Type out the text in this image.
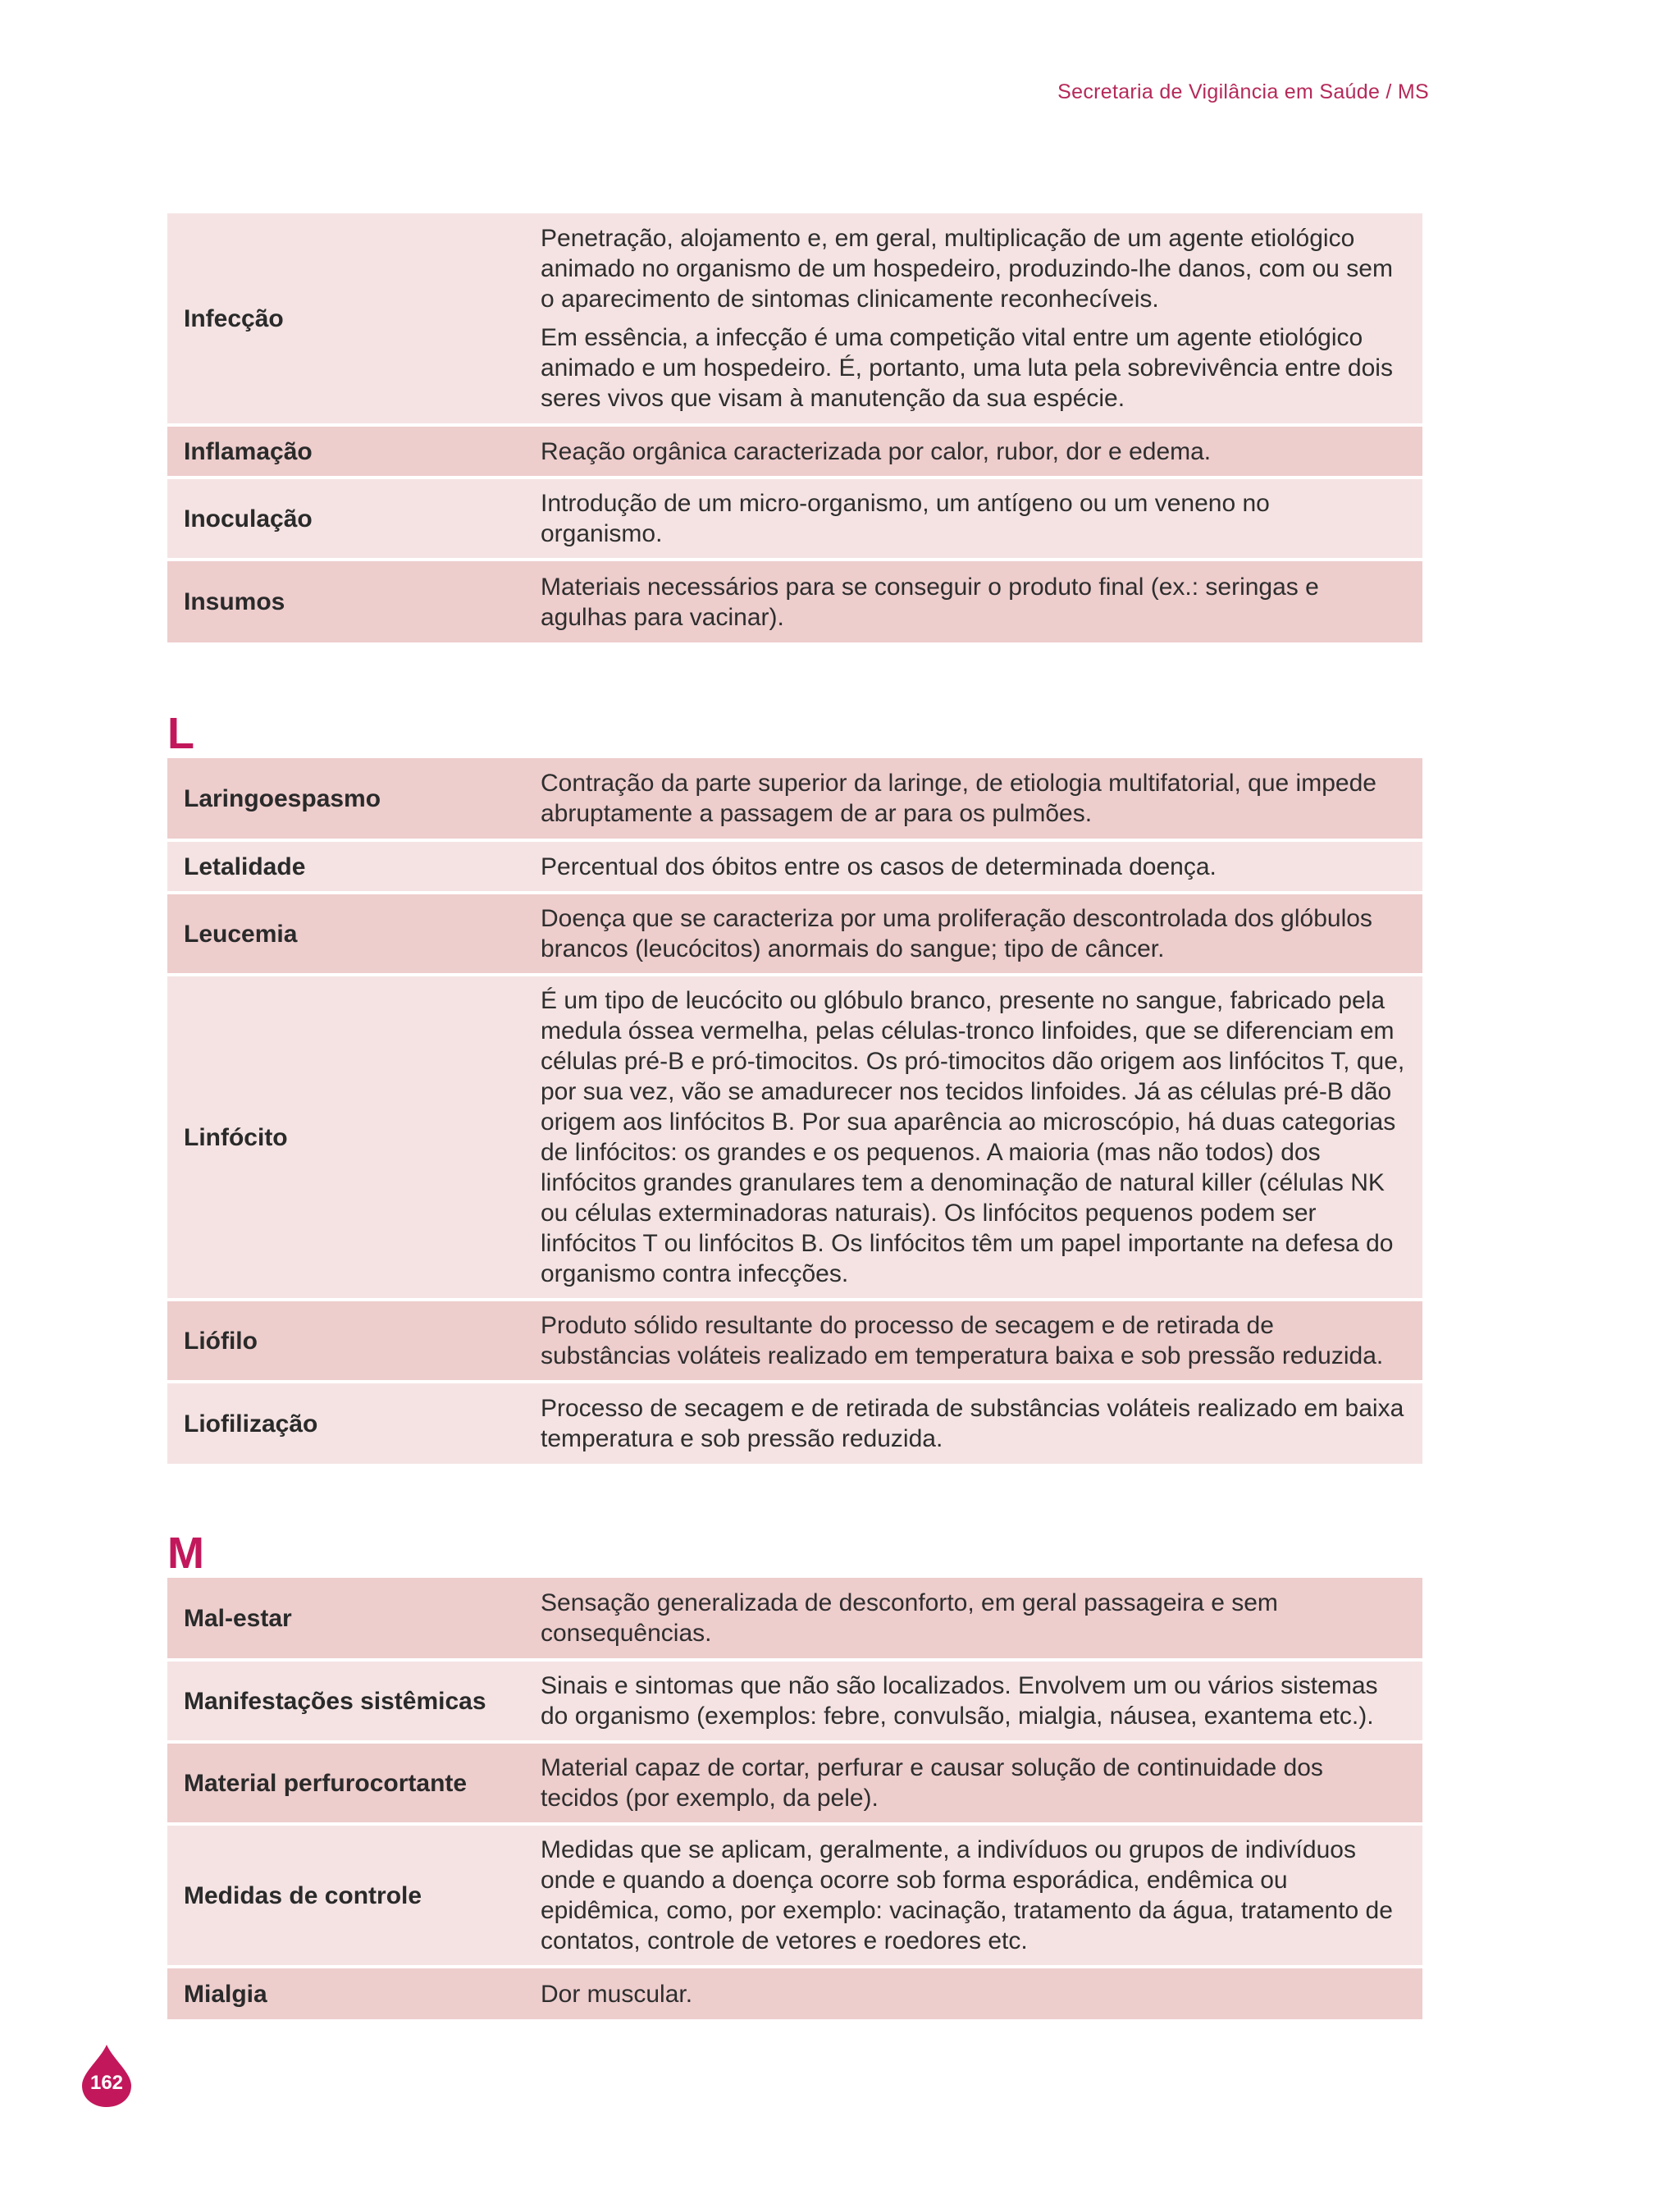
Secretaria de Vigilância em Saúde / MS
Infecção	Penetração, alojamento e, em geral, multiplicação de um agente etiológico animado no organismo de um hospedeiro, produzindo-lhe danos, com ou sem o aparecimento de sintomas clinicamente reconhecíveis.

Em essência, a infecção é uma competição vital entre um agente etiológico animado e um hospedeiro. É, portanto, uma luta pela sobrevivência entre dois seres vivos que visam à manutenção da sua espécie.

Inflamação	Reação orgânica caracterizada por calor, rubor, dor e edema.
Inoculação	Introdução de um micro-organismo, um antígeno ou um veneno no organismo.

Insumos	Materiais necessários para se conseguir o produto final (ex.: seringas e agulhas para vacinar).
L
Laringoespasmo	Contração da parte superior da laringe, de etiologia multifatorial, que impede abruptamente a passagem de ar para os pulmões.
Letalidade	Percentual dos óbitos entre os casos de determinada doença.
Leucemia	Doença que se caracteriza por uma proliferação descontrolada dos glóbulos brancos (leucócitos) anormais do sangue; tipo de câncer.
Linfócito	É um tipo de leucócito ou glóbulo branco, presente no sangue, fabricado pela medula óssea vermelha, pelas células-tronco linfoides, que se diferenciam em células pré-B e pró-timocitos. Os pró-timocitos dão origem aos linfócitos T, que, por sua vez, vão se amadurecer nos tecidos linfoides. Já as células pré-B dão origem aos linfócitos B. Por sua aparência ao microscópio, há duas categorias de linfócitos: os grandes e os pequenos. A maioria (mas não todos) dos linfócitos grandes granulares tem a denominação de natural killer (células NK ou células exterminadoras naturais). Os linfócitos pequenos podem ser linfócitos T ou linfócitos B. Os linfócitos têm um papel importante na defesa do organismo contra infecções.
Liófilo	Produto sólido resultante do processo de secagem e de retirada de substâncias voláteis realizado em temperatura baixa e sob pressão reduzida.
Liofilização	Processo de secagem e de retirada de substâncias voláteis realizado em baixa temperatura e sob pressão reduzida.
M
Mal-estar	Sensação generalizada de desconforto, em geral passageira e sem consequências.

Manifestações sistêmicas	Sinais e sintomas que não são localizados. Envolvem um ou vários sistemas do organismo (exemplos: febre, convulsão, mialgia, náusea, exantema etc.).
Material perfurocortante	Material capaz de cortar, perfurar e causar solução de continuidade dos tecidos (por exemplo, da pele).
Medidas de controle	Medidas que se aplicam, geralmente, a indivíduos ou grupos de indivíduos onde e quando a doença ocorre sob forma esporádica, endêmica ou epidêmica, como, por exemplo: vacinação, tratamento da água, tratamento de contatos, controle de vetores e roedores etc.
Mialgia	Dor muscular.
162
